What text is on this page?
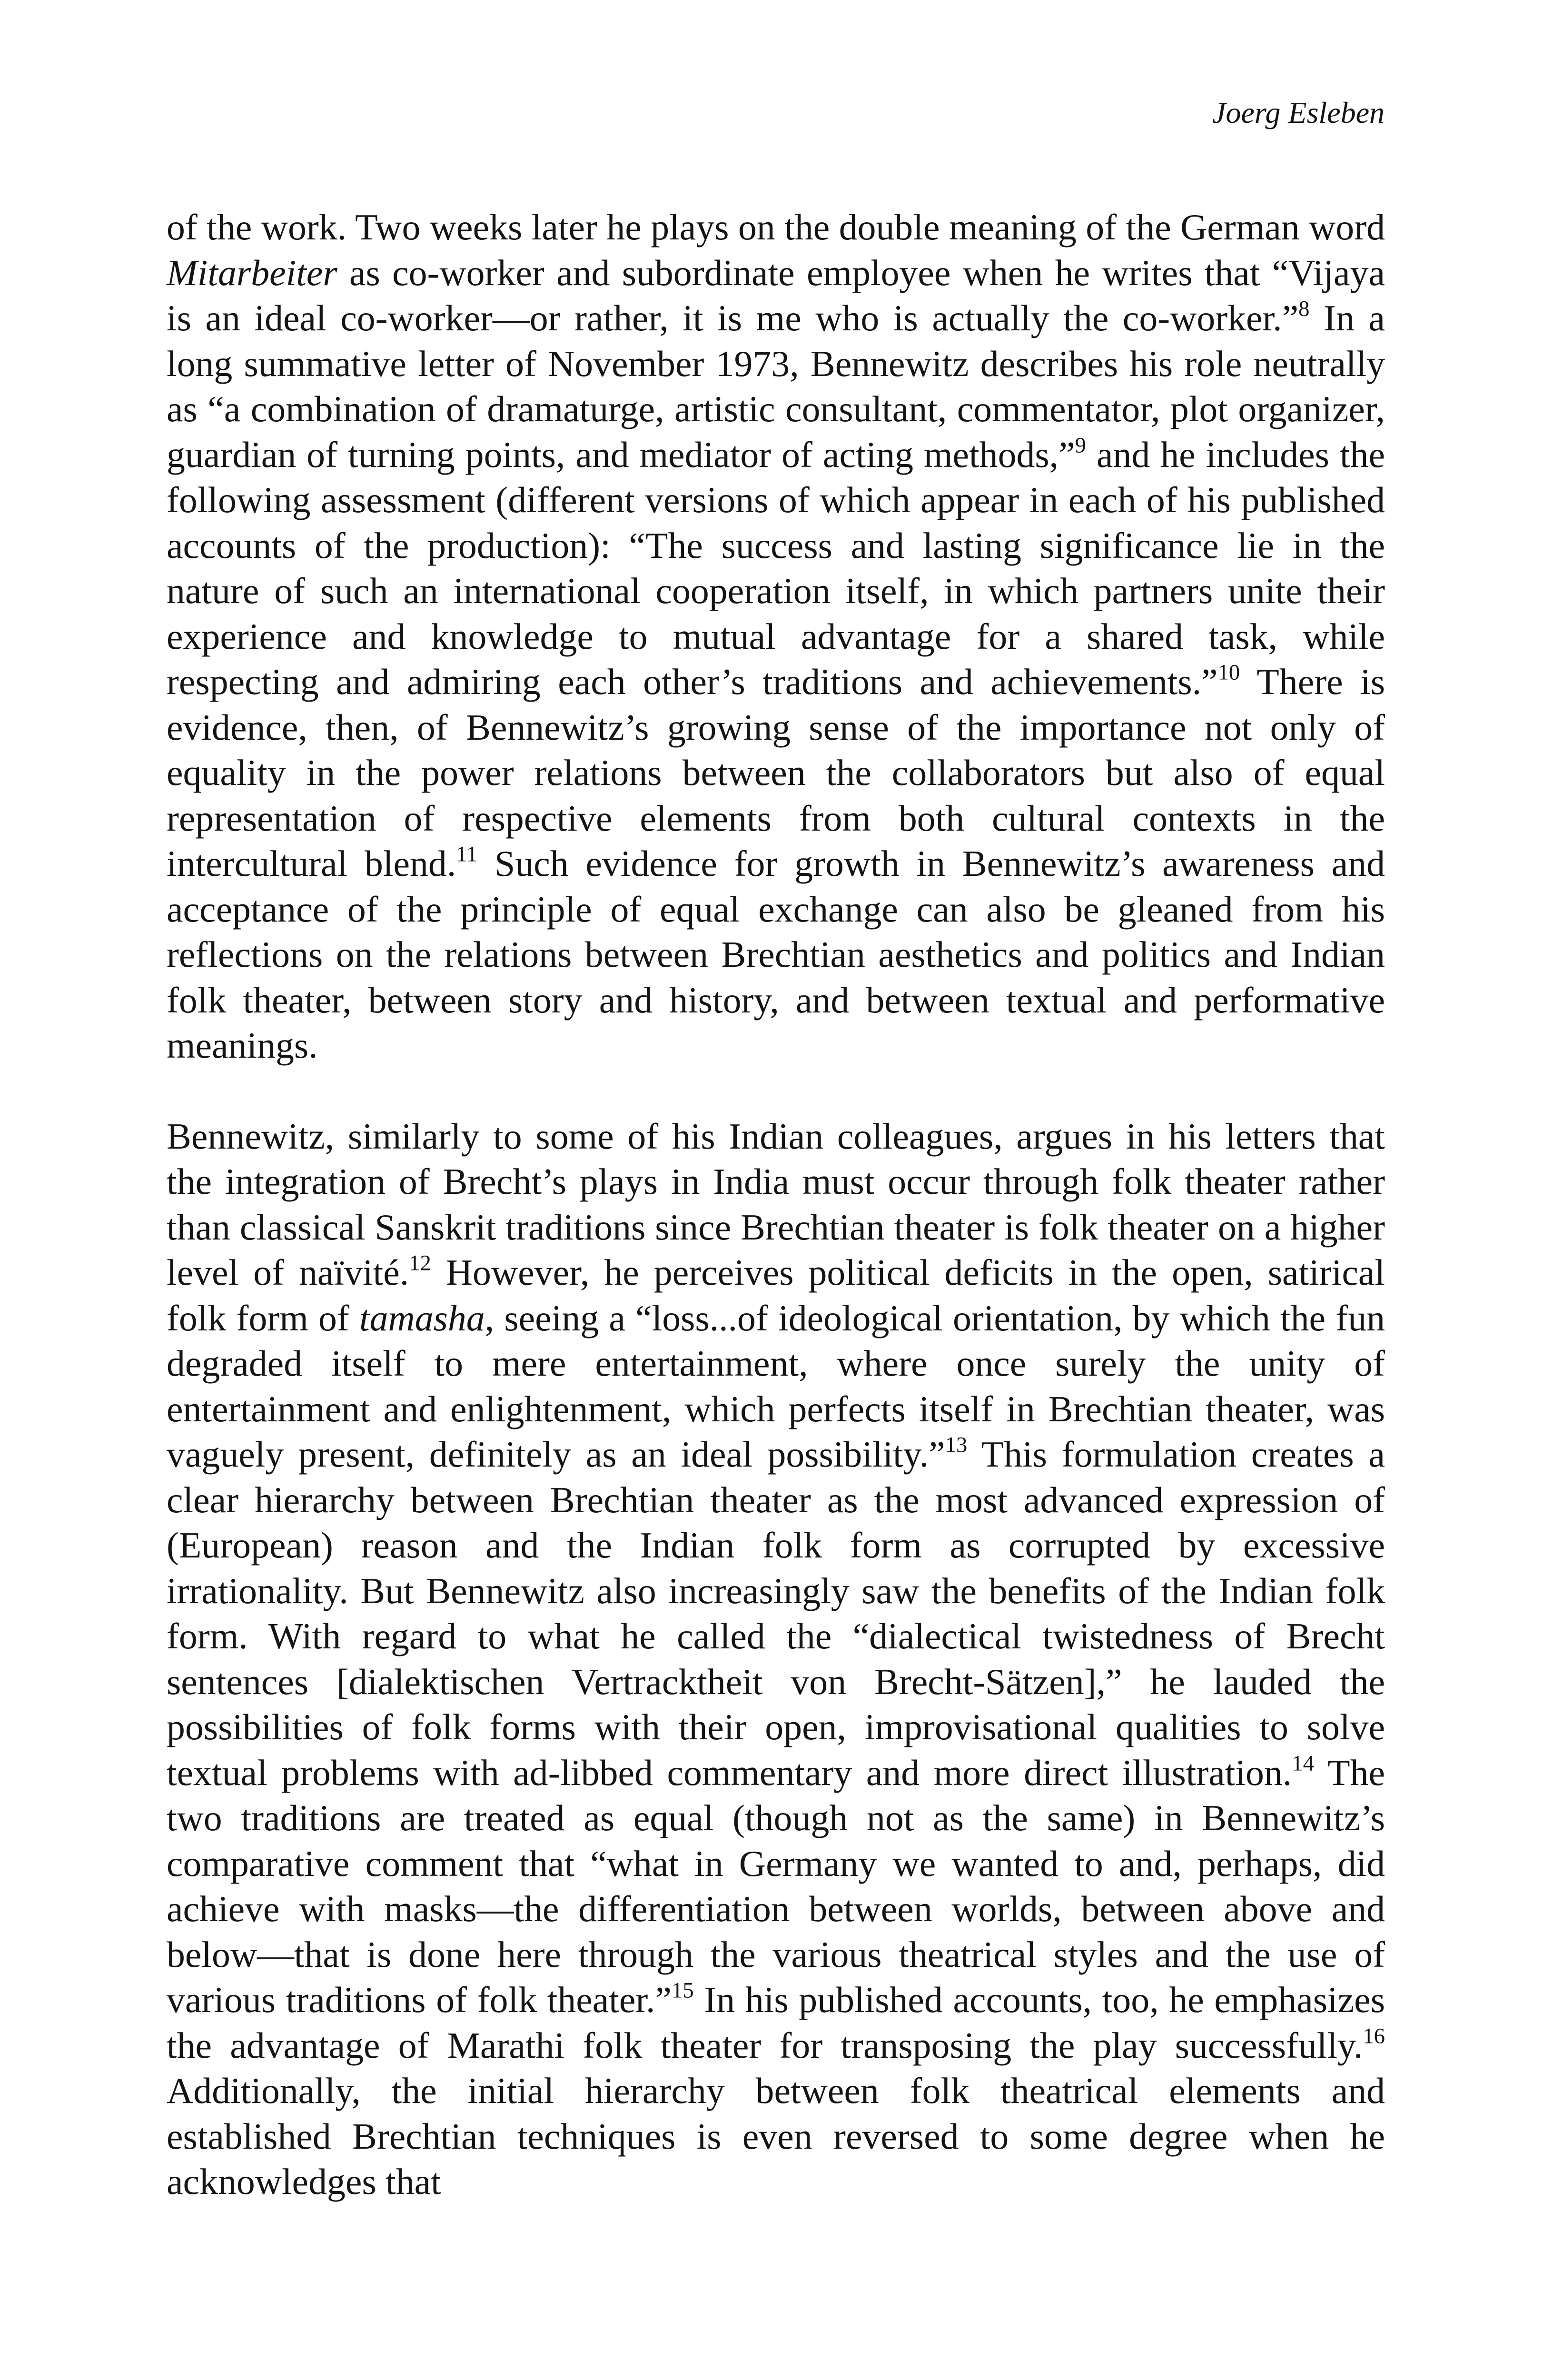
Joerg Esleben

of the work. Two weeks later he plays on the double meaning of the German word Mitarbeiter as co-worker and subordinate employee when he writes that “Vijaya is an ideal co-worker—or rather, it is me who is actually the co-worker.”$^8$ In a long summative letter of November 1973, Bennewitz describes his role neutrally as “a combination of dramaturge, artistic consultant, commentator, plot organizer, guardian of turning points, and mediator of acting methods,”$^9$ and he includes the following assessment (different versions of which appear in each of his published accounts of the production): “The success and lasting significance lie in the nature of such an international cooperation itself, in which partners unite their experience and knowledge to mutual advantage for a shared task, while respecting and admiring each other’s traditions and achievements.”$^{10}$ There is evidence, then, of Bennewitz’s growing sense of the importance not only of equality in the power relations between the collaborators but also of equal representation of respective elements from both cultural contexts in the intercultural blend.$^{11}$ Such evidence for growth in Bennewitz’s awareness and acceptance of the principle of equal exchange can also be gleaned from his reflections on the relations between Brechtian aesthetics and politics and Indian folk theater, between story and history, and between textual and performative meanings.

Bennewitz, similarly to some of his Indian colleagues, argues in his letters that the integration of Brecht’s plays in India must occur through folk theater rather than classical Sanskrit traditions since Brechtian theater is folk theater on a higher level of naïvité.$^{12}$ However, he perceives political deficits in the open, satirical folk form of tamasha, seeing a “loss...of ideological orientation, by which the fun degraded itself to mere entertainment, where once surely the unity of entertainment and enlightenment, which perfects itself in Brechtian theater, was vaguely present, definitely as an ideal possibility.”$^{13}$ This formulation creates a clear hierarchy between Brechtian theater as the most advanced expression of (European) reason and the Indian folk form as corrupted by excessive irrationality. But Bennewitz also increasingly saw the benefits of the Indian folk form. With regard to what he called the “dialectical twistedness of Brecht sentences [dialektischen Vertracktheit von Brecht-Sätzen],” he lauded the possibilities of folk forms with their open, improvisational qualities to solve textual problems with ad-libbed commentary and more direct illustration.$^{14}$ The two traditions are treated as equal (though not as the same) in Bennewitz’s comparative comment that “what in Germany we wanted to and, perhaps, did achieve with masks—the differentiation between worlds, between above and below—that is done here through the various theatrical styles and the use of various traditions of folk theater.”$^{15}$ In his published accounts, too, he emphasizes the advantage of Marathi folk theater for transposing the play successfully.$^{16}$ Additionally, the initial hierarchy between folk theatrical elements and established Brechtian techniques is even reversed to some degree when he acknowledges that
